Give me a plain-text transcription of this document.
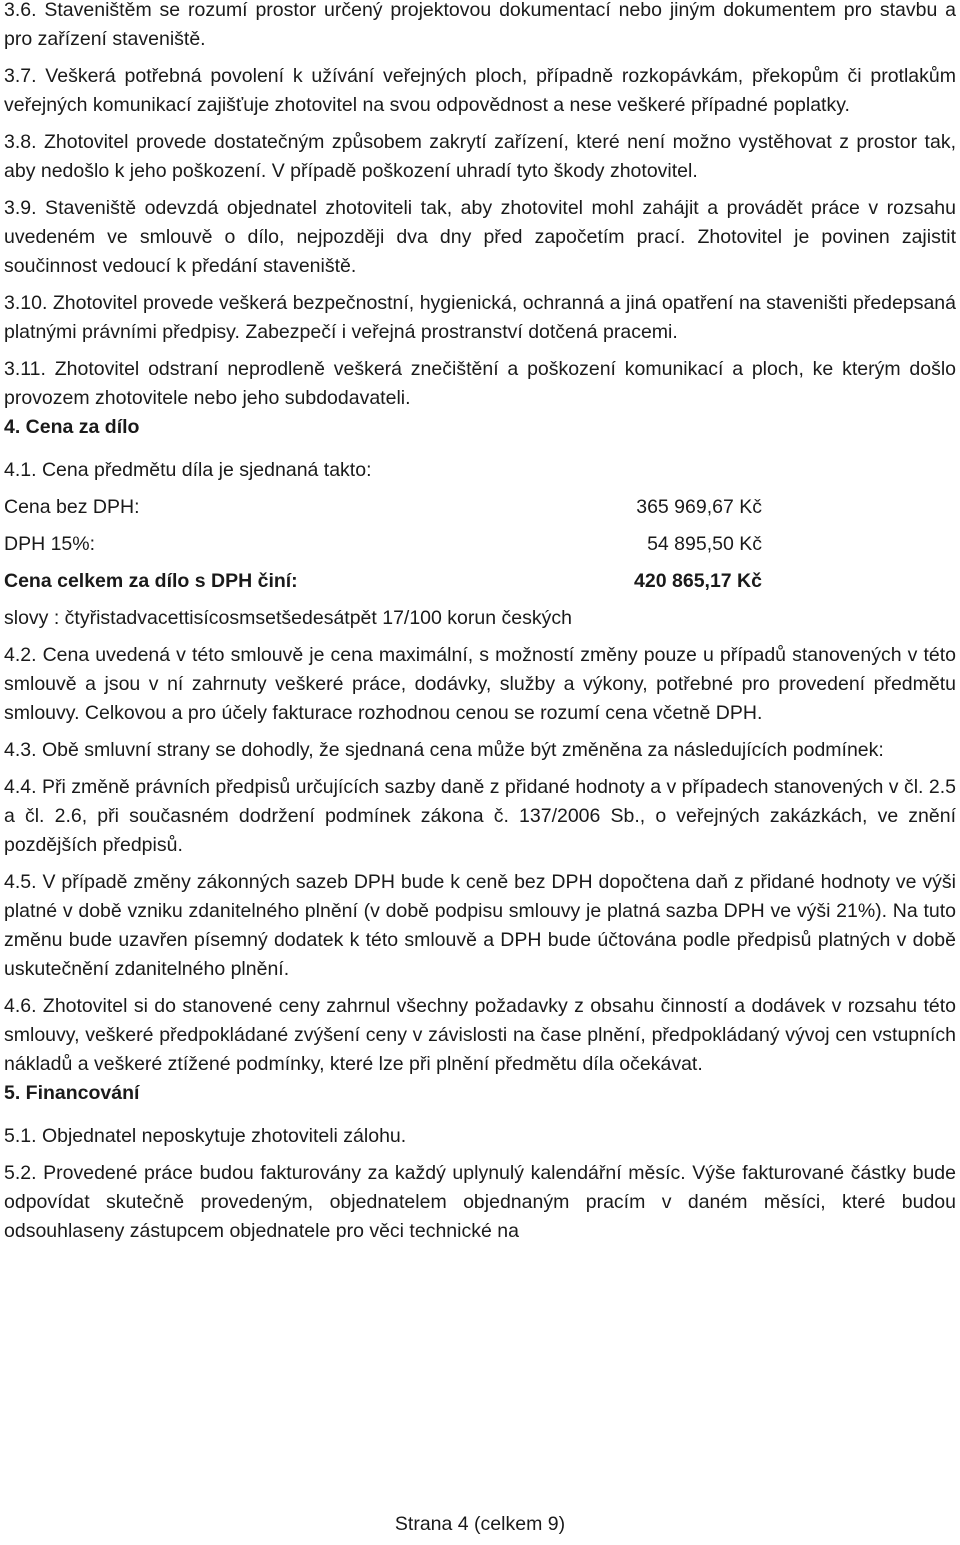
3.6. Staveništěm se rozumí prostor určený projektovou dokumentací nebo jiným dokumentem pro stavbu a pro zařízení staveniště.

3.7. Veškerá potřebná povolení k užívání veřejných ploch, případně rozkopávkám, překopům či protlakům veřejných komunikací zajišťuje zhotovitel na svou odpovědnost a nese veškeré případné poplatky.

3.8. Zhotovitel provede dostatečným způsobem zakrytí zařízení, které není možno vystěhovat z prostor tak, aby nedošlo k jeho poškození. V případě poškození uhradí tyto škody zhotovitel.

3.9. Staveniště odevzdá objednatel zhotoviteli tak, aby zhotovitel mohl zahájit a provádět práce v rozsahu uvedeném ve smlouvě o dílo, nejpozději dva dny před započetím prací. Zhotovitel je povinen zajistit součinnost vedoucí k předání staveniště.

3.10. Zhotovitel provede veškerá bezpečnostní, hygienická, ochranná a jiná opatření na staveništi předepsaná platnými právními předpisy. Zabezpečí i veřejná prostranství dotčená pracemi.

3.11. Zhotovitel odstraní neprodleně veškerá znečištění a poškození komunikací a ploch, ke kterým došlo provozem zhotovitele nebo jeho subdodavateli.

4. Cena za dílo

4.1. Cena předmětu díla je sjednaná takto:

Cena bez DPH:	365 969,67 Kč
DPH 15%:	54 895,50 Kč
Cena celkem za dílo s DPH činí:	420 865,17 Kč

slovy : čtyřistadvacettisícosmsetšedesátpět 17/100 korun českých

4.2. Cena uvedená v této smlouvě je cena maximální, s možností změny pouze u případů stanovených v této smlouvě a jsou v ní zahrnuty veškeré práce, dodávky, služby a výkony, potřebné pro provedení předmětu smlouvy. Celkovou a pro účely fakturace rozhodnou cenou se rozumí cena včetně DPH.

4.3. Obě smluvní strany se dohodly, že sjednaná cena může být změněna za následujících podmínek:

4.4. Při změně právních předpisů určujících sazby daně z přidané hodnoty a v případech stanovených v čl. 2.5 a čl. 2.6, při současném dodržení podmínek zákona č. 137/2006 Sb., o veřejných zakázkách, ve znění pozdějších předpisů.

4.5. V případě změny zákonných sazeb DPH bude k ceně bez DPH dopočtena daň z přidané hodnoty ve výši platné v době vzniku zdanitelného plnění (v době podpisu smlouvy je platná sazba DPH ve výši 21%). Na tuto změnu bude uzavřen písemný dodatek k této smlouvě a DPH bude účtována podle předpisů platných v době uskutečnění zdanitelného plnění.

4.6. Zhotovitel si do stanovené ceny zahrnul všechny požadavky z obsahu činností a dodávek v rozsahu této smlouvy, veškeré předpokládané zvýšení ceny v závislosti na čase plnění, předpokládaný vývoj cen vstupních nákladů a veškeré ztížené podmínky, které lze při plnění předmětu díla očekávat.

5. Financování

5.1. Objednatel neposkytuje zhotoviteli zálohu.

5.2. Provedené práce budou fakturovány za každý uplynulý kalendářní měsíc. Výše fakturované částky bude odpovídat skutečně provedeným, objednatelem objednaným pracím v daném měsíci, které budou odsouhlaseny zástupcem objednatele pro věci technické na

Strana 4 (celkem 9)
